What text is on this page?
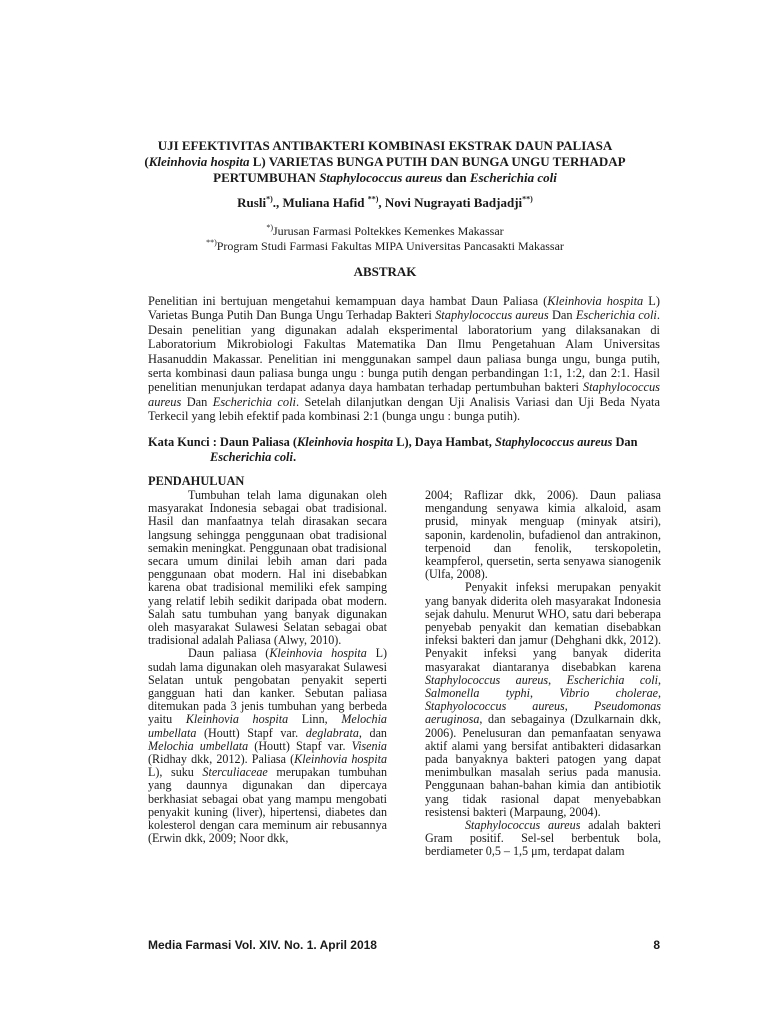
UJI EFEKTIVITAS ANTIBAKTERI KOMBINASI EKSTRAK DAUN PALIASA
(Kleinhovia hospita L) VARIETAS BUNGA PUTIH DAN BUNGA UNGU TERHADAP
PERTUMBUHAN Staphylococcus aureus dan Escherichia coli
Rusli*)., Muliana Hafid **), Novi Nugrayati Badjadji**)
*)Jurusan Farmasi Poltekkes Kemenkes Makassar
**)Program Studi Farmasi Fakultas MIPA Universitas Pancasakti Makassar
ABSTRAK
Penelitian ini bertujuan mengetahui kemampuan daya hambat Daun Paliasa (Kleinhovia hospita L) Varietas Bunga Putih Dan Bunga Ungu Terhadap Bakteri Staphylococcus aureus Dan Escherichia coli. Desain penelitian yang digunakan adalah eksperimental laboratorium yang dilaksanakan di Laboratorium Mikrobiologi Fakultas Matematika Dan Ilmu Pengetahuan Alam Universitas Hasanuddin Makassar. Penelitian ini menggunakan sampel daun paliasa bunga ungu, bunga putih, serta kombinasi daun paliasa bunga ungu : bunga putih dengan perbandingan 1:1, 1:2, dan 2:1. Hasil penelitian menunjukan terdapat adanya daya hambatan terhadap pertumbuhan bakteri Staphylococcus aureus Dan Escherichia coli. Setelah dilanjutkan dengan Uji Analisis Variasi dan Uji Beda Nyata Terkecil yang lebih efektif pada kombinasi 2:1 (bunga ungu : bunga putih).
Kata Kunci : Daun Paliasa (Kleinhovia hospita L), Daya Hambat, Staphylococcus aureus Dan
Escherichia coli.
PENDAHULUAN

Tumbuhan telah lama digunakan oleh masyarakat Indonesia sebagai obat tradisional. Hasil dan manfaatnya telah dirasakan secara langsung sehingga penggunaan obat tradisional semakin meningkat. Penggunaan obat tradisional secara umum dinilai lebih aman dari pada penggunaan obat modern. Hal ini disebabkan karena obat tradisional memiliki efek samping yang relatif lebih sedikit daripada obat modern. Salah satu tumbuhan yang banyak digunakan oleh masyarakat Sulawesi Selatan sebagai obat tradisional adalah Paliasa (Alwy, 2010).

Daun paliasa (Kleinhovia hospita L) sudah lama digunakan oleh masyarakat Sulawesi Selatan untuk pengobatan penyakit seperti gangguan hati dan kanker. Sebutan paliasa ditemukan pada 3 jenis tumbuhan yang berbeda yaitu Kleinhovia hospita Linn, Melochia umbellata (Houtt) Stapf var. deglabrata, dan Melochia umbellata (Houtt) Stapf var. Visenia (Ridhay dkk, 2012). Paliasa (Kleinhovia hospita L), suku Sterculiaceae merupakan tumbuhan yang daunnya digunakan dan dipercaya berkhasiat sebagai obat yang mampu mengobati penyakit kuning (liver), hipertensi, diabetes dan kolesterol dengan cara meminum air rebusannya (Erwin dkk, 2009; Noor dkk,

2004; Raflizar dkk, 2006). Daun paliasa mengandung senyawa kimia alkaloid, asam prusid, minyak menguap (minyak atsiri), saponin, kardenolin, bufadienol dan antrakinon, terpenoid dan fenolik, terskopoletin, keampferol, quersetin, serta senyawa sianogenik (Ulfa, 2008).

Penyakit infeksi merupakan penyakit yang banyak diderita oleh masyarakat Indonesia sejak dahulu. Menurut WHO, satu dari beberapa penyebab penyakit dan kematian disebabkan infeksi bakteri dan jamur (Dehghani dkk, 2012). Penyakit infeksi yang banyak diderita masyarakat diantaranya disebabkan karena Staphylococcus aureus, Escherichia coli, Salmonella typhi, Vibrio cholerae, Staphyolococcus aureus, Pseudomonas aeruginosa, dan sebagainya (Dzulkarnain dkk, 2006). Penelusuran dan pemanfaatan senyawa aktif alami yang bersifat antibakteri didasarkan pada banyaknya bakteri patogen yang dapat menimbulkan masalah serius pada manusia. Penggunaan bahan-bahan kimia dan antibiotik yang tidak rasional dapat menyebabkan resistensi bakteri (Marpaung, 2004).

Staphylococcus aureus adalah bakteri Gram positif. Sel-sel berbentuk bola, berdiameter 0,5 – 1,5 μm, terdapat dalam

Media Farmasi Vol. XIV. No. 1. April 2018	8
